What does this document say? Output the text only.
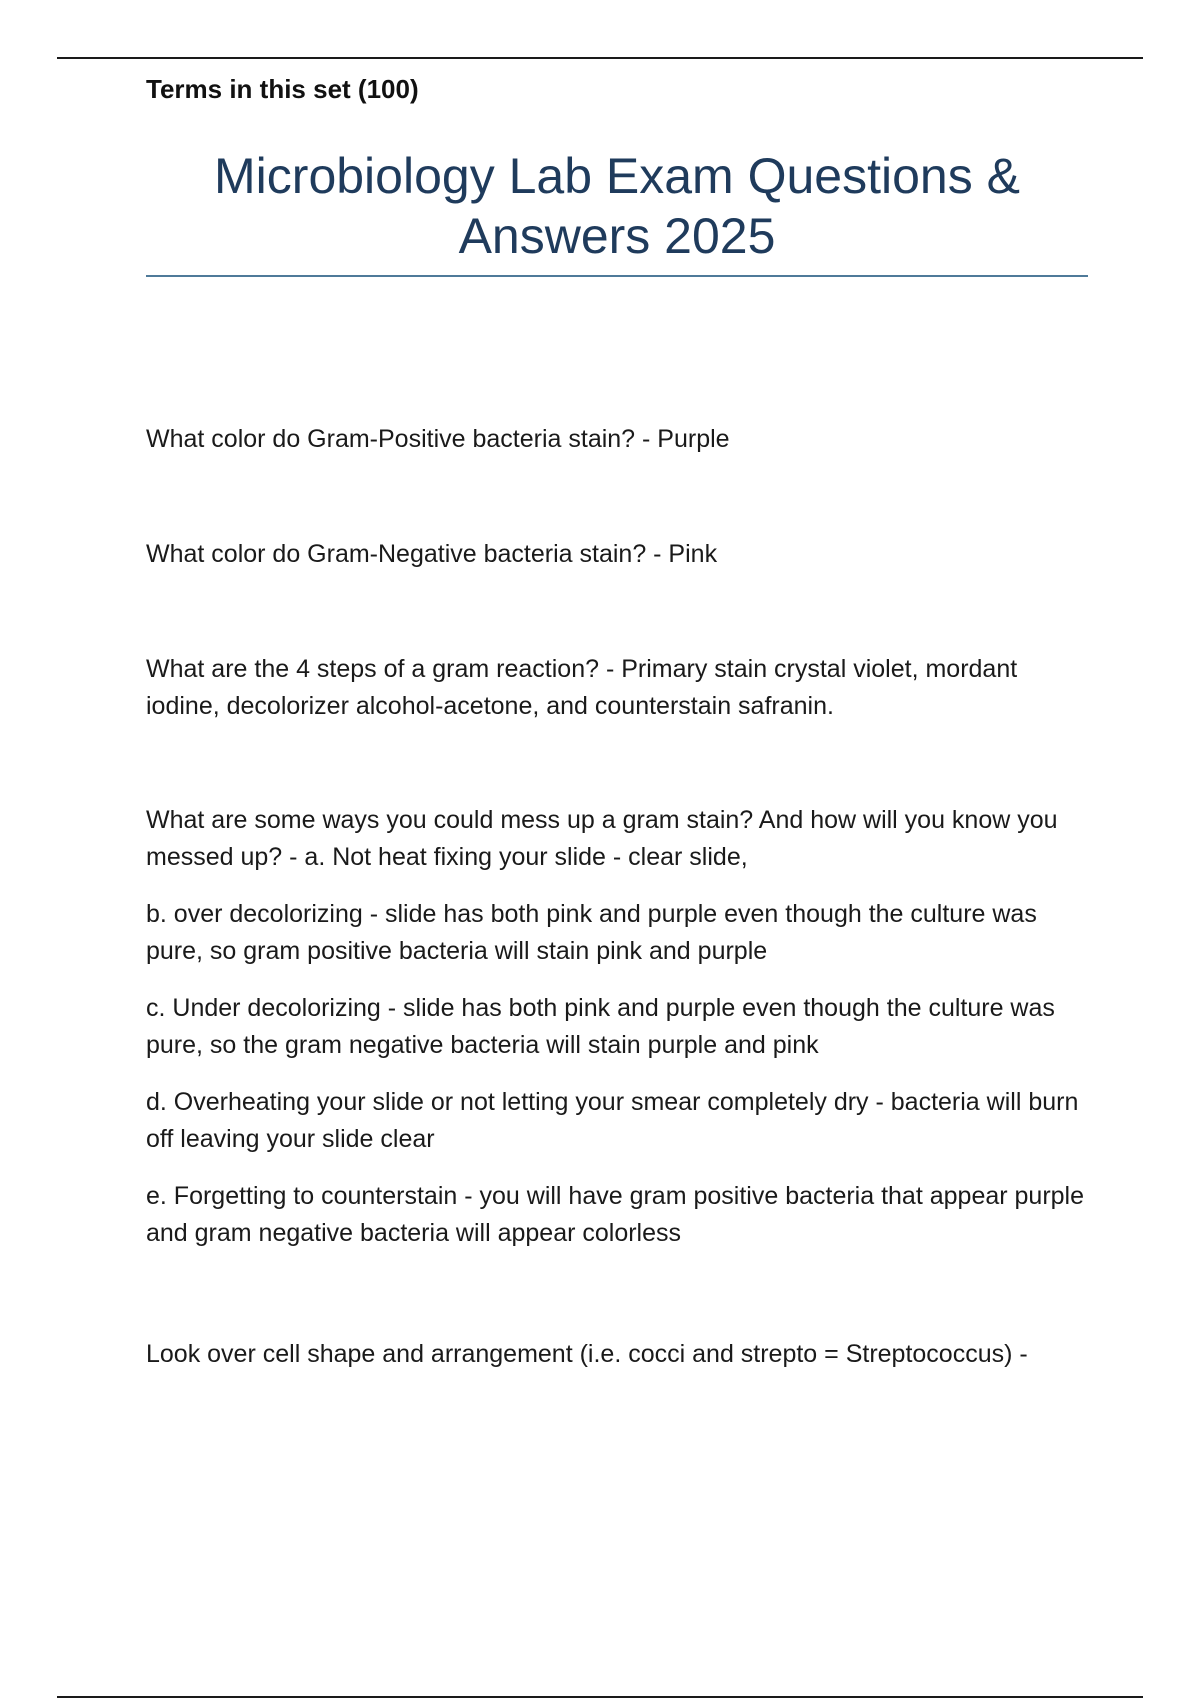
Terms in this set (100)

Microbiology Lab Exam Questions & Answers 2025

What color do Gram-Positive bacteria stain? - Purple

What color do Gram-Negative bacteria stain? - Pink

What are the 4 steps of a gram reaction? - Primary stain crystal violet, mordant iodine, decolorizer alcohol-acetone, and counterstain safranin.

What are some ways you could mess up a gram stain? And how will you know you messed up? - a. Not heat fixing your slide - clear slide,

b. over decolorizing - slide has both pink and purple even though the culture was pure, so gram positive bacteria will stain pink and purple

c. Under decolorizing - slide has both pink and purple even though the culture was pure, so the gram negative bacteria will stain purple and pink

d. Overheating your slide or not letting your smear completely dry - bacteria will burn off leaving your slide clear

e. Forgetting to counterstain - you will have gram positive bacteria that appear purple and gram negative bacteria will appear colorless

Look over cell shape and arrangement (i.e. cocci and strepto = Streptococcus) -
